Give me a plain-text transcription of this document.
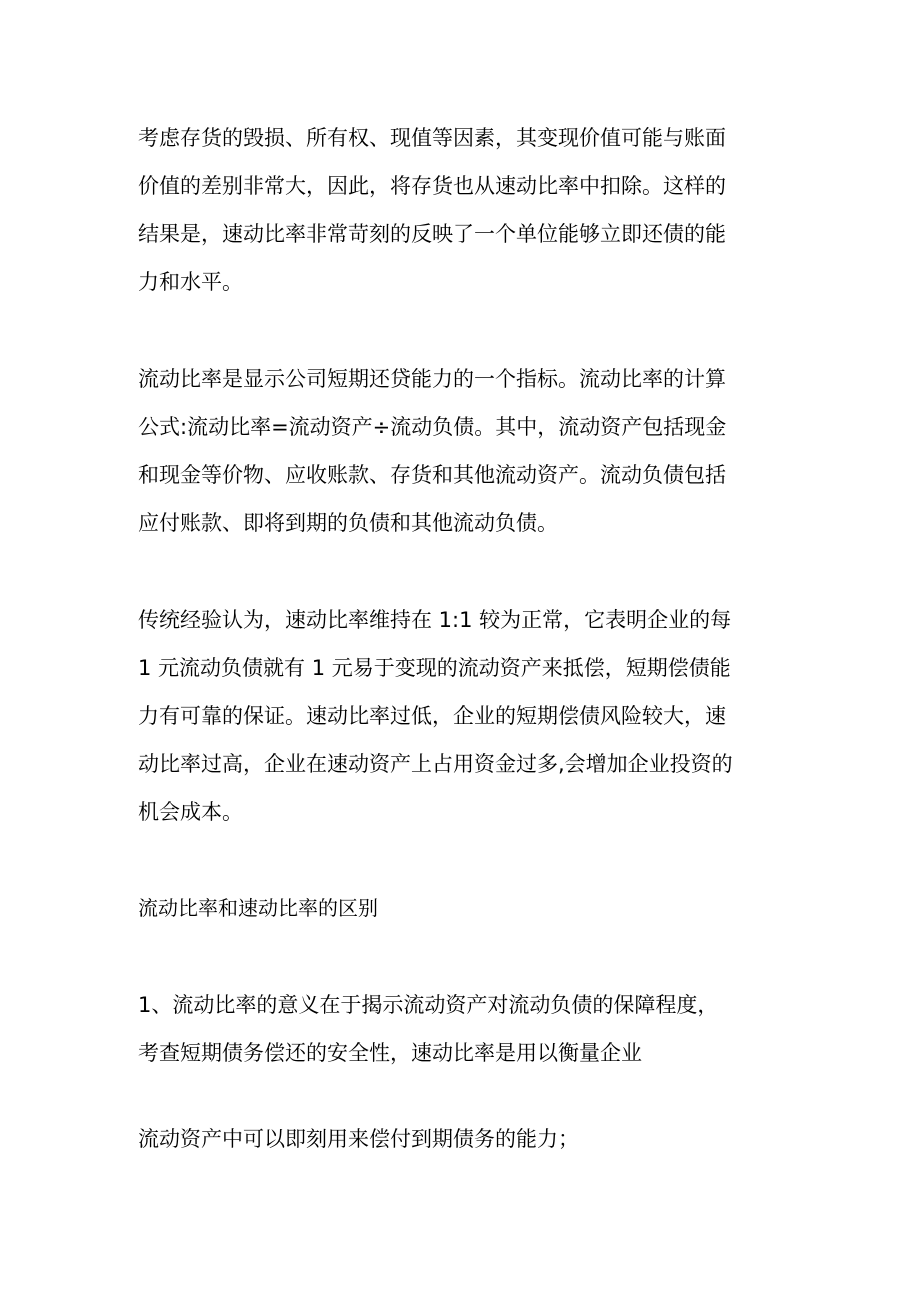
考虑存货的毁损、所有权、现值等因素，其变现价值可能与账面
价值的差别非常大，因此，将存货也从速动比率中扣除。这样的
结果是，速动比率非常苛刻的反映了一个单位能够立即还债的能
力和水平。

流动比率是显示公司短期还贷能力的一个指标。流动比率的计算
公式:流动比率=流动资产÷流动负债。其中，流动资产包括现金
和现金等价物、应收账款、存货和其他流动资产。流动负债包括
应付账款、即将到期的负债和其他流动负债。

传统经验认为，速动比率维持在 1:1 较为正常，它表明企业的每
1 元流动负债就有 1 元易于变现的流动资产来抵偿，短期偿债能
力有可靠的保证。速动比率过低，企业的短期偿债风险较大，速
动比率过高，企业在速动资产上占用资金过多,会增加企业投资的
机会成本。

流动比率和速动比率的区别

1、流动比率的意义在于揭示流动资产对流动负债的保障程度，
考查短期债务偿还的安全性，速动比率是用以衡量企业

流动资产中可以即刻用来偿付到期债务的能力；
